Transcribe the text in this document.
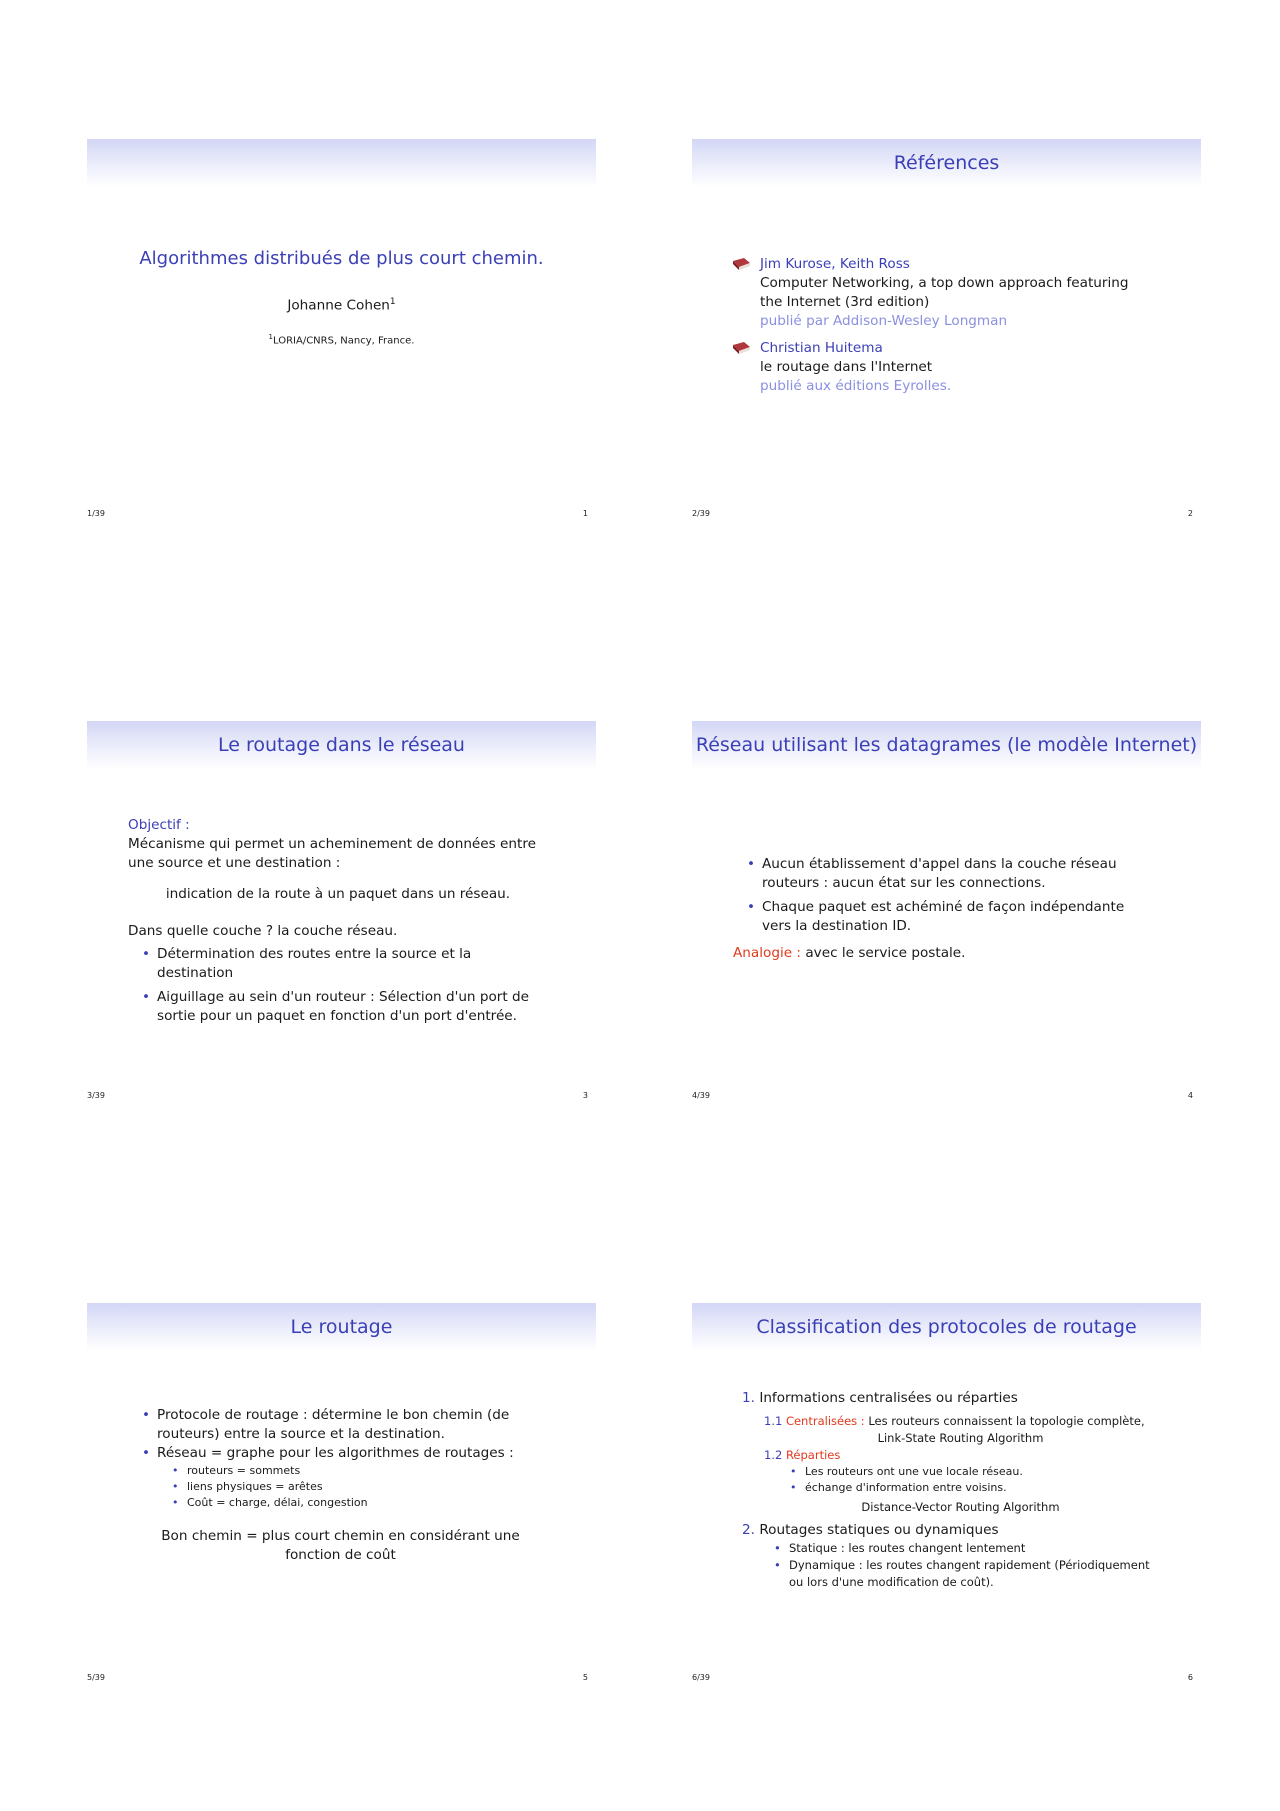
Algorithmes distribués de plus court chemin.
Johanne Cohen$^1$
$^1$LORIA/CNRS, Nancy, France.
1/39	1
Références
Jim Kurose, Keith Ross
Computer Networking, a top down approach featuring the Internet (3rd edition)
publié par Addison-Wesley Longman
Christian Huitema
le routage dans l'Internet
publié aux éditions Eyrolles.
2/39	2
Le routage dans le réseau
Objectif :
Mécanisme qui permet un acheminement de données entre une source et une destination :
indication de la route à un paquet dans un réseau.
Dans quelle couche ? la couche réseau.
• Détermination des routes entre la source et la destination
• Aiguillage au sein d'un routeur : Sélection d'un port de sortie pour un paquet en fonction d'un port d'entrée.
3/39	3
Réseau utilisant les datagrames (le modèle Internet)
• Aucun établissement d'appel dans la couche réseau routeurs : aucun état sur les connections.
• Chaque paquet est achéminé de façon indépendante vers la destination ID.
Analogie : avec le service postale.
4/39	4
Le routage
• Protocole de routage : détermine le bon chemin (de routeurs) entre la source et la destination.
• Réseau = graphe pour les algorithmes de routages :
• routeurs = sommets
• liens physiques = arêtes
• Coût = charge, délai, congestion
Bon chemin = plus court chemin en considérant une fonction de coût
5/39	5
Classification des protocoles de routage
1. Informations centralisées ou réparties
1.1 Centralisées : Les routeurs connaissent la topologie complète,
Link-State Routing Algorithm
1.2 Réparties
• Les routeurs ont une vue locale réseau.
• échange d'information entre voisins.
Distance-Vector Routing Algorithm
2. Routages statiques ou dynamiques
• Statique : les routes changent lentement
• Dynamique : les routes changent rapidement (Périodiquement ou lors d'une modification de coût).
6/39	6
